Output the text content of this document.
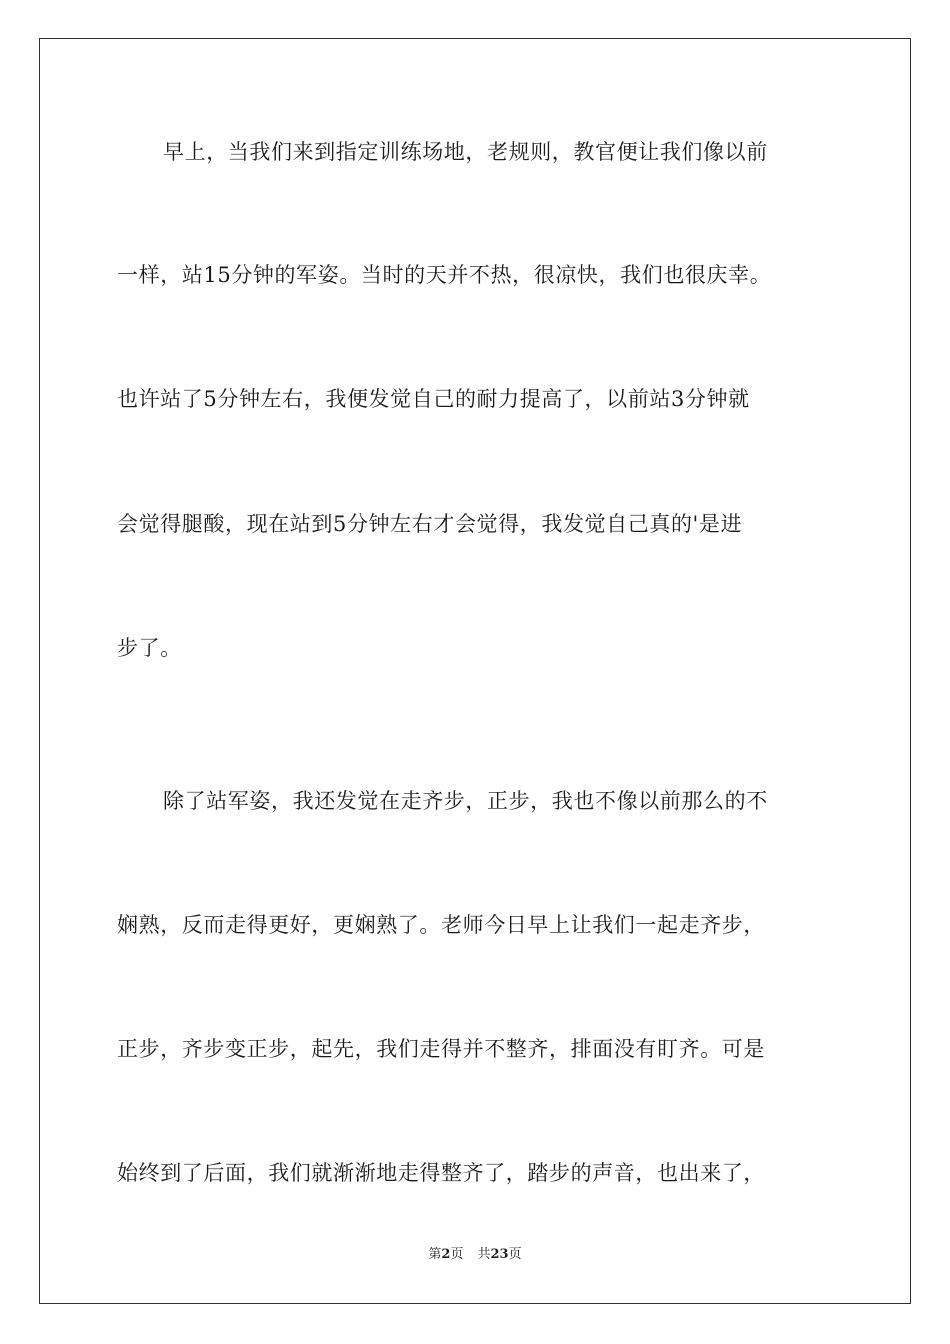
早上，当我们来到指定训练场地，老规则，教官便让我们像以前
一样，站15分钟的军姿。当时的天并不热，很凉快，我们也很庆幸。
也许站了5分钟左右，我便发觉自己的耐力提高了，以前站3分钟就
会觉得腿酸，现在站到5分钟左右才会觉得，我发觉自己真的'是进
步了。
除了站军姿，我还发觉在走齐步，正步，我也不像以前那么的不
娴熟，反而走得更好，更娴熟了。老师今日早上让我们一起走齐步，
正步，齐步变正步，起先，我们走得并不整齐，排面没有盯齐。可是
始终到了后面，我们就渐渐地走得整齐了，踏步的声音，也出来了，
第2页 共23页
